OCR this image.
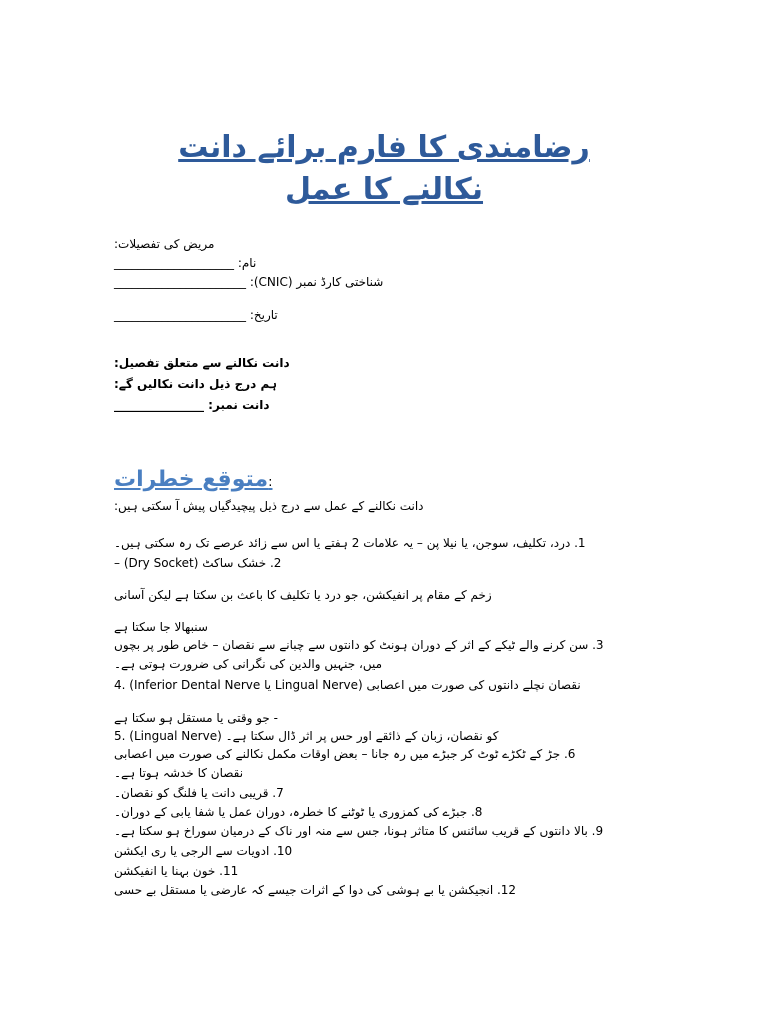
رضامندی کا فارم برائے دانت
نکالنے کا عمل
مریض کی تفصیلات:
نام: ____________________
شناختی کارڈ نمبر (CNIC): ______________________
تاریخ: ______________________
دانت نکالنے سے متعلق تفصیل:
ہم درج ذیل دانت نکالیں گے:
دانت نمبر: _______________
متوقع خطرات:
دانت نکالنے کے عمل سے درج ذیل پیچیدگیاں پیش آ سکتی ہیں:
1. درد، تکلیف، سوجن، یا نیلا پن – یہ علامات 2 ہفتے یا اس سے زائد عرصے تک رہ سکتی ہیں۔
2. خشک ساکٹ (Dry Socket) –
زخم کے مقام پر انفیکشن، جو درد یا تکلیف کا باعث بن سکتا ہے لیکن آسانی
سنبھالا جا سکتا ہے
3. سن کرنے والے ٹیکے کے اثر کے دوران ہونٹ کو دانتوں سے چبانے سے نقصان – خاص طور پر بچوں
میں، جنہیں والدین کی نگرانی کی ضرورت ہوتی ہے۔
4. (Inferior Dental Nerve یا Lingual Nerve) نقصان نچلے دانتوں کی صورت میں اعصابی
- جو وقتی یا مستقل ہو سکتا ہے
5. (Lingual Nerve) کو نقصان، زبان کے ذائقے اور حس پر اثر ڈال سکتا ہے۔
6. جڑ کے ٹکڑے ٹوٹ کر جبڑے میں رہ جانا – بعض اوقات مکمل نکالنے کی صورت میں اعصابی
نقصان کا خدشہ ہوتا ہے۔
7. قریبی دانت یا فلنگ کو نقصان۔
8. جبڑے کی کمزوری یا ٹوٹنے کا خطرہ، دوران عمل یا شفا یابی کے دوران۔
9. بالا دانتوں کے قریب سائنس کا متاثر ہونا، جس سے منہ اور ناک کے درمیان سوراخ ہو سکتا ہے۔
10. ادویات سے الرجی یا ری ایکشن
11. خون بہنا یا انفیکشن
12. انجیکشن یا بے ہوشی کی دوا کے اثرات جیسے کہ عارضی یا مستقل بے حسی
